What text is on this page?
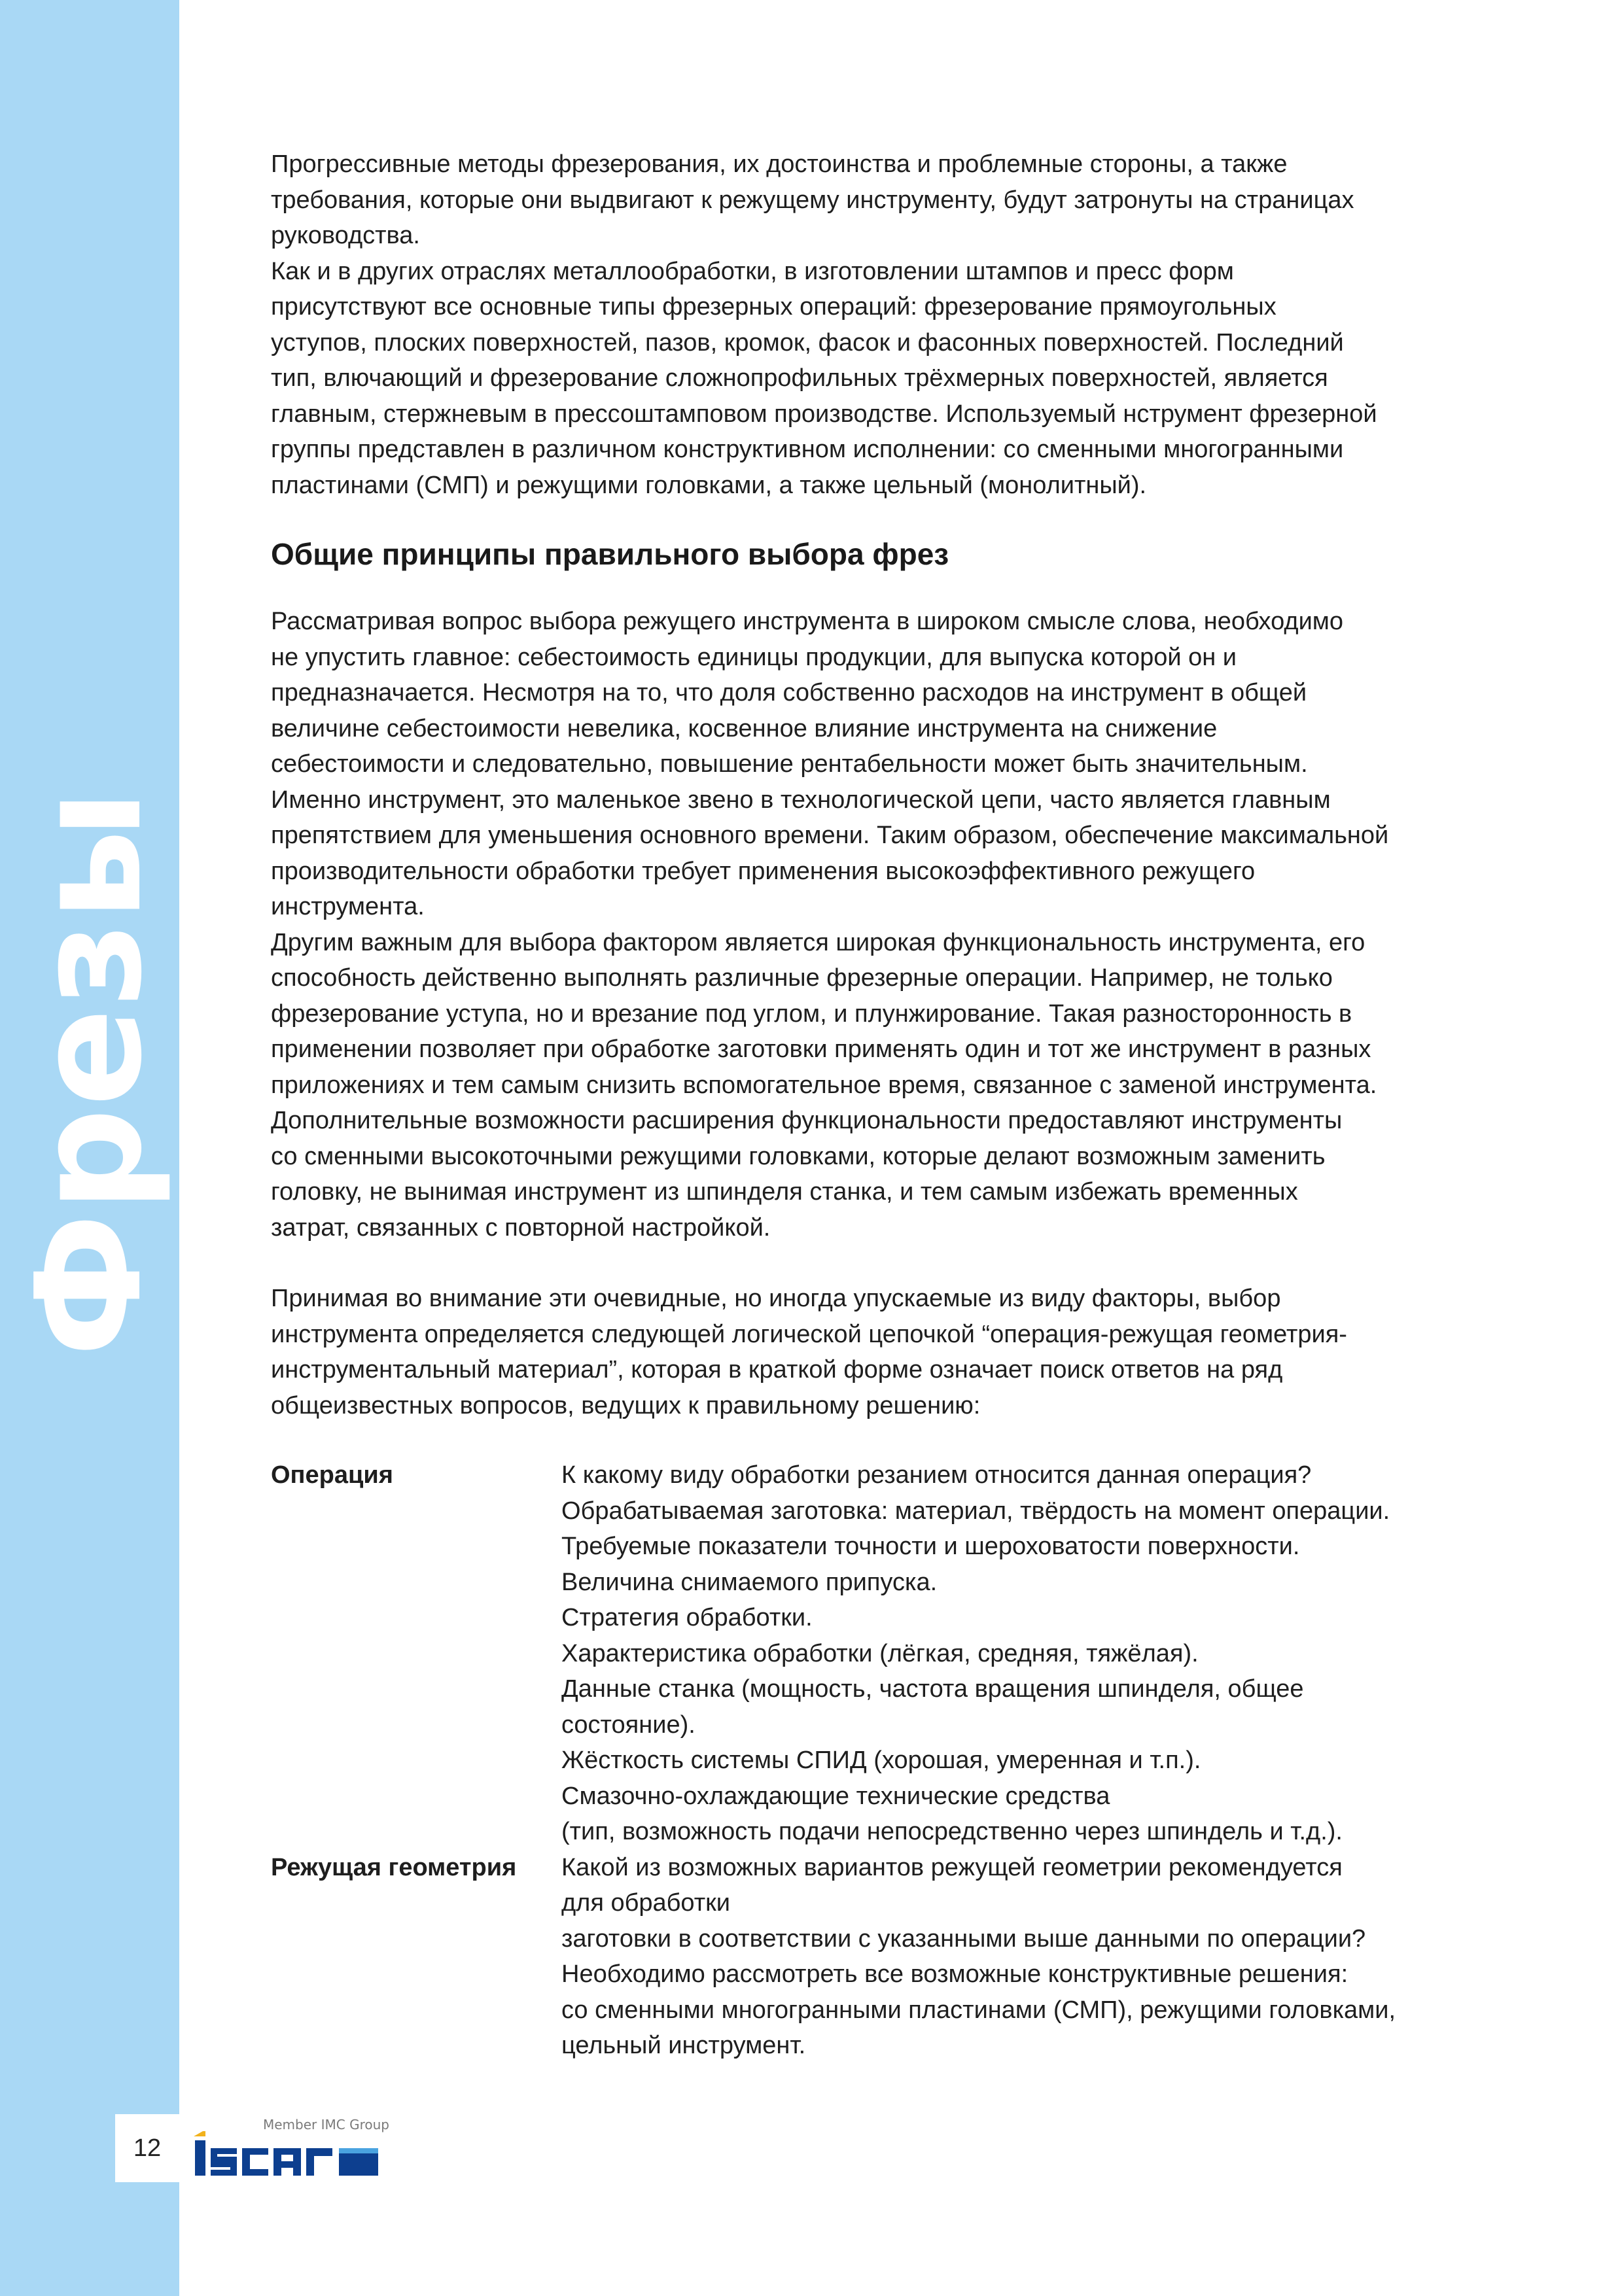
Фрезы
12
Member IMC Group
Прогрессивные методы фрезерования, их достоинства и проблемные стороны, а также
требования, которые они выдвигают к режущему инструменту, будут затронуты на страницах
руководства.
Как и в других отраслях металлообработки, в изготовлении штампов и пресс форм
присутствуют все основные типы фрезерных операций: фрезерование прямоугольных
уступов, плоских поверхностей, пазов, кромок, фасок и фасонных поверхностей. Последний
тип, влючающий и фрезерование сложнопрофильных трёхмерных поверхностей, является
главным, стержневым в прессоштамповом производстве. Используемый нструмент фрезерной
группы представлен в различном конструктивном исполнении: со сменными многогранными
пластинами (СМП) и режущими головками, а также цельный (монолитный).
Общие принципы правильного выбора фрез
Рассматривая вопрос выбора режущего инструмента в широком смысле слова, необходимо
не упустить главное: себестоимость единицы продукции, для выпуска которой он и
предназначается. Несмотря на то, что доля собственно расходов на инструмент в общей
величине себестоимости невелика, косвенное влияние инструмента на снижение
себестоимости и следовательно, повышение рентабельности может быть значительным.
Именно инструмент, это маленькое звено в технологической цепи, часто является главным
препятствием для уменьшения основного времени. Таким образом, обеспечение максимальной
производительности обработки требует применения высокоэффективного режущего
инструмента.
Другим важным для выбора фактором является широкая функциональность инструмента, его
способность действенно выполнять различные фрезерные операции. Например, не только
фрезерование уступа, но и врезание под углом, и плунжирование. Такая разносторонность в
применении позволяет при обработке заготовки применять один и тот же инструмент в разных
приложениях и тем самым снизить вспомогательное время, связанное с заменой инструмента.
Дополнительные возможности расширения функциональности предоставляют инструменты
со сменными высокоточными режущими головками, которые делают возможным заменить
головку, не вынимая инструмент из шпинделя станка, и тем самым избежать временных
затрат, связанных с повторной настройкой.
Принимая во внимание эти очевидные, но иногда упускаемые из виду факторы, выбор
инструмента определяется следующей логической цепочкой “операция-режущая геометрия-
инструментальный материал”, которая в краткой форме означает поиск ответов на ряд
общеизвестных вопросов, ведущих к правильному решению:
Операция	К какому виду обработки резанием относится данная операция?
Обрабатываемая заготовка: материал, твёрдость на момент операции.
Требуемые показатели точности и шероховатости поверхности.
Величина снимаемого припуска.
Стратегия обработки.
Характеристика обработки (лёгкая, средняя, тяжёлая).
Данные станка (мощность, частота вращения шпинделя, общее
состояние).
Жёсткость системы СПИД (хорошая, умеренная и т.п.).
Смазочно-охлаждающие технические средства
(тип, возможность подачи непосредственно через шпиндель и т.д.).
Режущая геометрия	Какой из возможных вариантов режущей геометрии рекомендуется
для обработки
заготовки в соответствии с указанными выше данными по операции?
Необходимо рассмотреть все возможные конструктивные решения:
со сменными многогранными пластинами (СМП), режущими головками,
цельный инструмент.
